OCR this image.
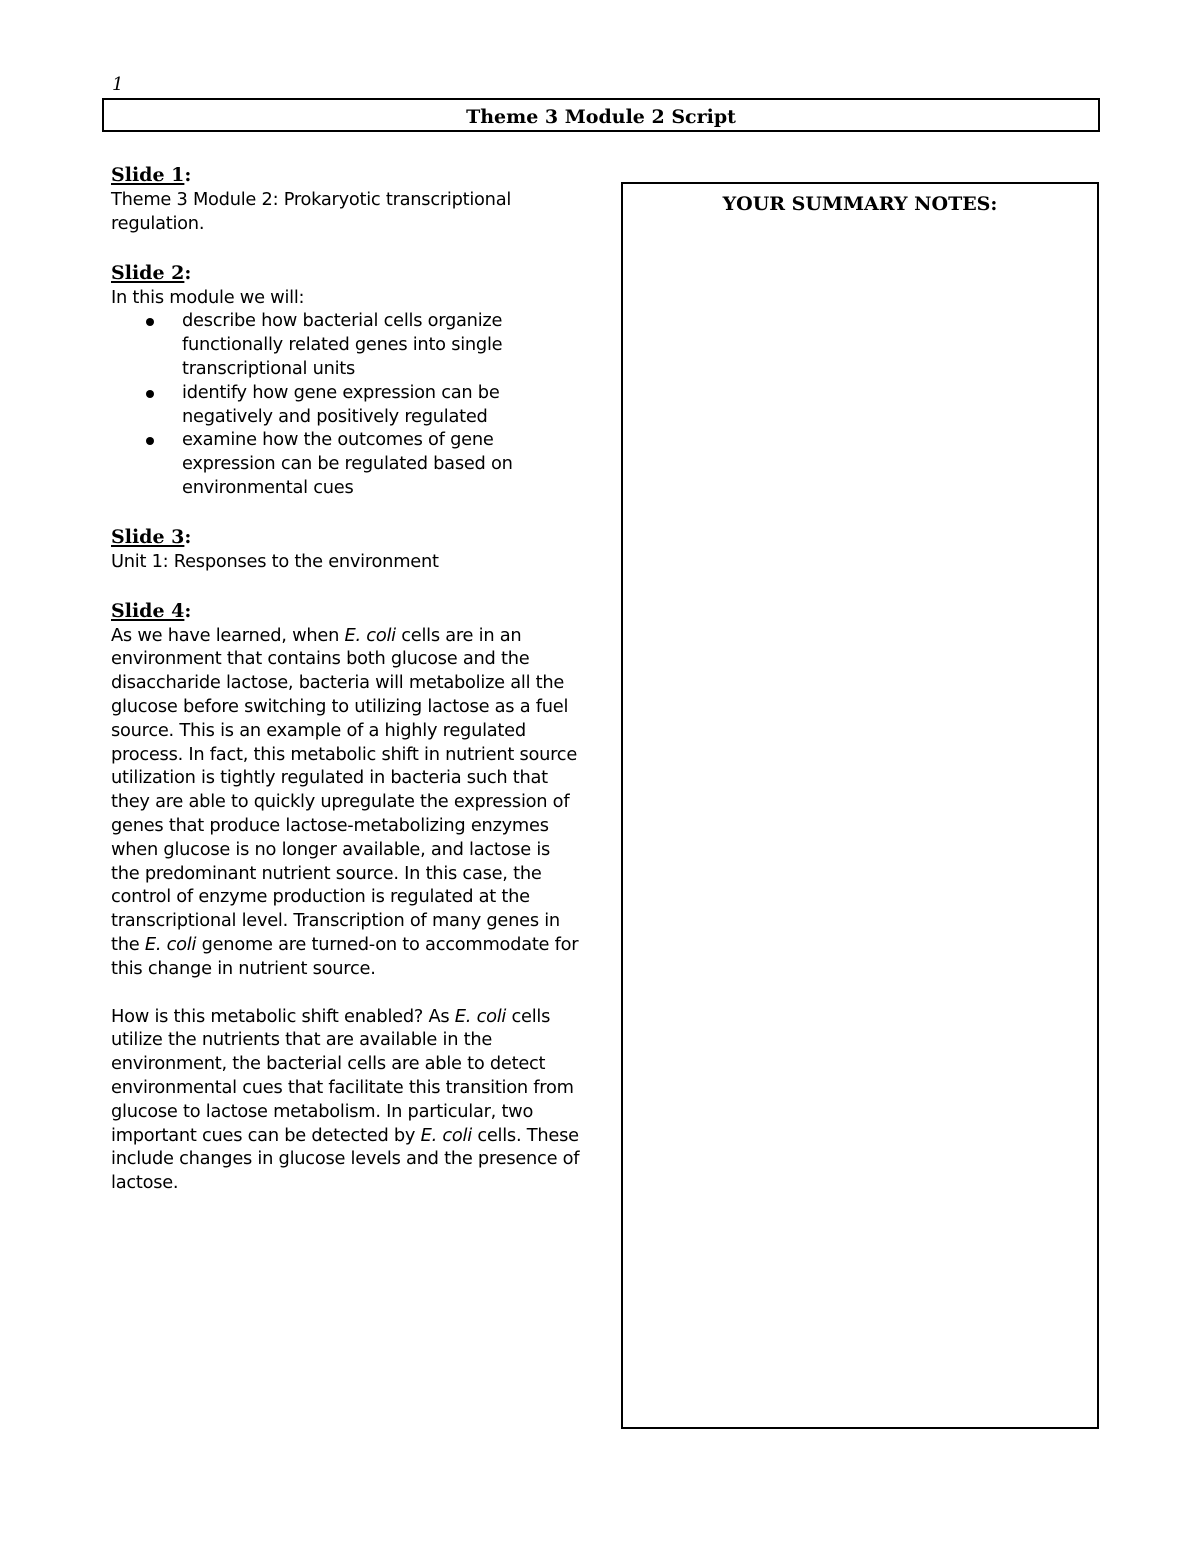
1
Theme 3 Module 2 Script
Slide 1:

Theme 3 Module 2: Prokaryotic transcriptional regulation.

Slide 2:

In this module we will:

describe how bacterial cells organize functionally related genes into single transcriptional units
identify how gene expression can be negatively and positively regulated
examine how the outcomes of gene expression can be regulated based on environmental cues
Slide 3:

Unit 1: Responses to the environment

Slide 4:

As we have learned, when E. coli cells are in an environment that contains both glucose and the disaccharide lactose, bacteria will metabolize all the glucose before switching to utilizing lactose as a fuel source. This is an example of a highly regulated process. In fact, this metabolic shift in nutrient source utilization is tightly regulated in bacteria such that they are able to quickly upregulate the expression of genes that produce lactose-metabolizing enzymes when glucose is no longer available, and lactose is the predominant nutrient source. In this case, the control of enzyme production is regulated at the transcriptional level. Transcription of many genes in the E. coli genome are turned-on to accommodate for this change in nutrient source.

How is this metabolic shift enabled? As E. coli cells utilize the nutrients that are available in the environment, the bacterial cells are able to detect environmental cues that facilitate this transition from glucose to lactose metabolism. In particular, two important cues can be detected by E. coli cells. These include changes in glucose levels and the presence of lactose.

YOUR SUMMARY NOTES:
